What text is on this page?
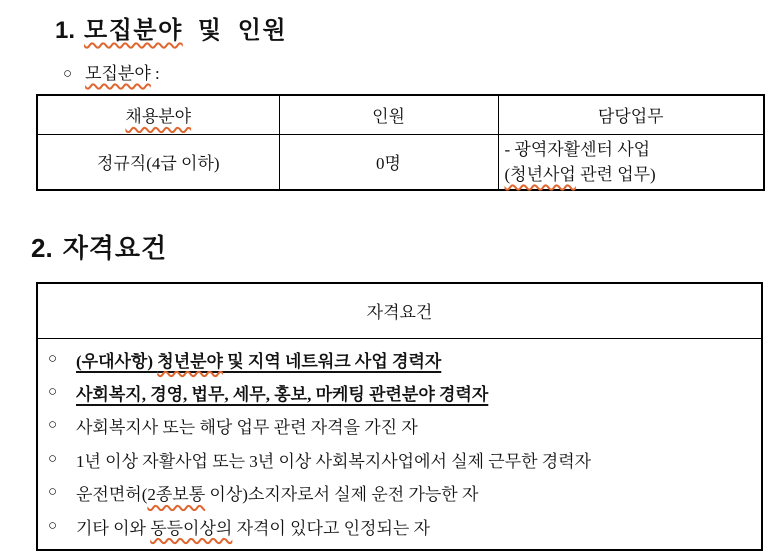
1. 모집분야 및 인원
○ 모집분야 :
채용분야	인원	담당업무
정규직(4급 이하)	0명	- 광역자활센터 사업
(청년사업 관련 업무)
2. 자격요건
자격요건

○	(우대사항) 청년분야 및 지역 네트워크 사업 경력자
○	사회복지, 경영, 법무, 세무, 홍보, 마케팅 관련분야 경력자
○	사회복지사 또는 해당 업무 관련 자격을 가진 자
○	1년 이상 자활사업 또는 3년 이상 사회복지사업에서 실제 근무한 경력자
○	운전면허(2종보통 이상)소지자로서 실제 운전 가능한 자
○	기타 이와 동등이상의 자격이 있다고 인정되는 자
